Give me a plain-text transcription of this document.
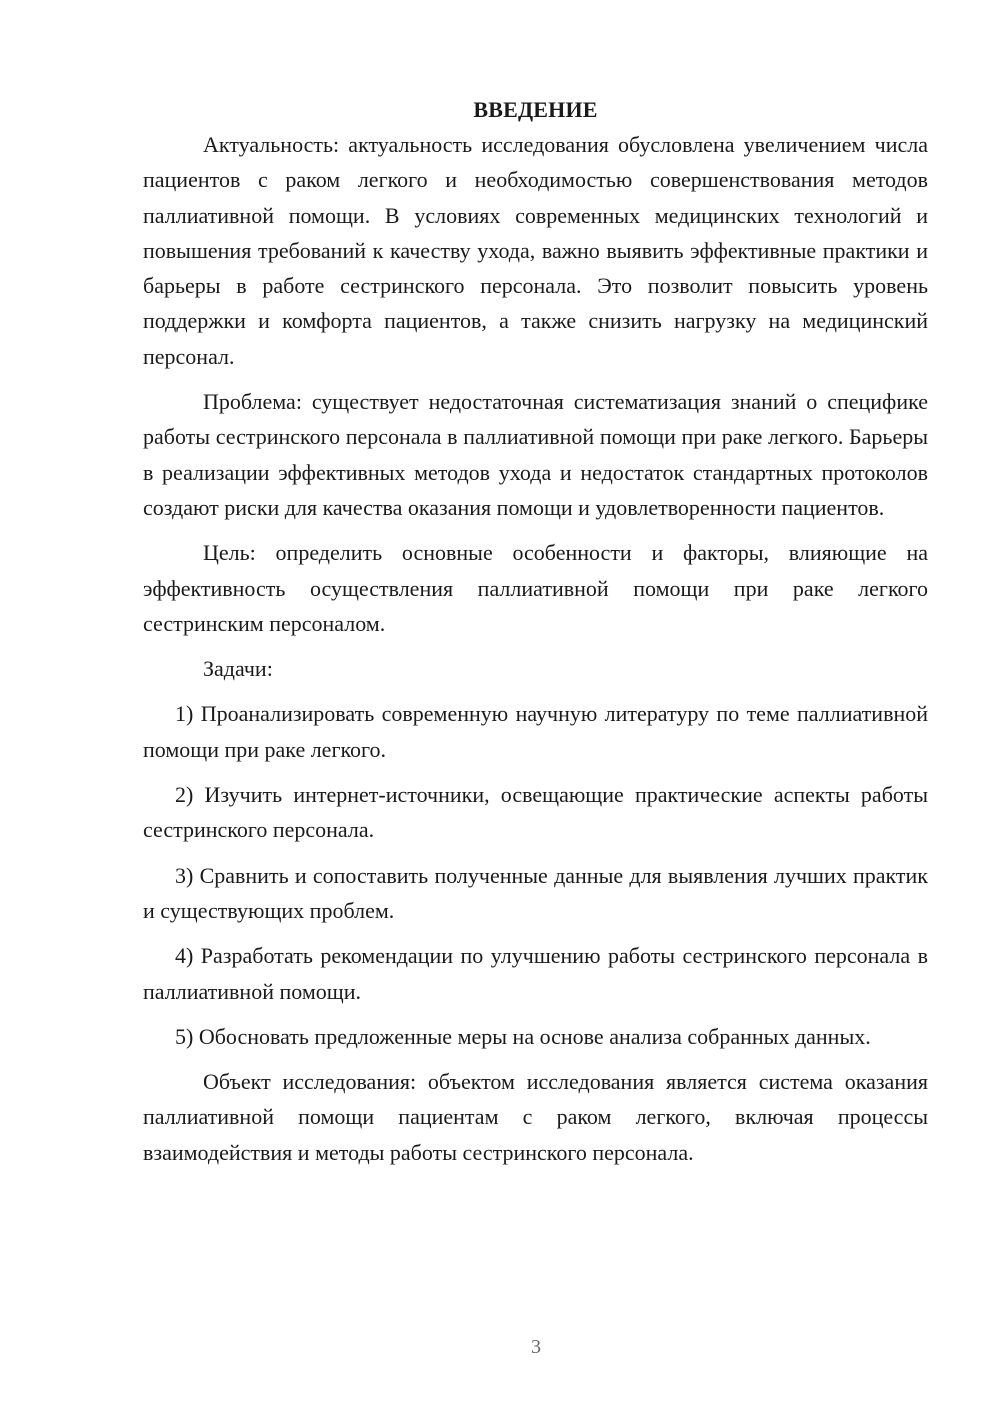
ВВЕДЕНИЕ

Актуальность: актуальность исследования обусловлена увеличением числа пациентов с раком легкого и необходимостью совершенствования методов паллиативной помощи. В условиях современных медицинских технологий и повышения требований к качеству ухода, важно выявить эффективные практики и барьеры в работе сестринского персонала. Это позволит повысить уровень поддержки и комфорта пациентов, а также снизить нагрузку на медицинский персонал.

Проблема: существует недостаточная систематизация знаний о специфике работы сестринского персонала в паллиативной помощи при раке легкого. Барьеры в реализации эффективных методов ухода и недостаток стандартных протоколов создают риски для качества оказания помощи и удовлетворенности пациентов.

Цель: определить основные особенности и факторы, влияющие на эффективность осуществления паллиативной помощи при раке легкого сестринским персоналом.

Задачи:

1) Проанализировать современную научную литературу по теме паллиативной помощи при раке легкого.

2) Изучить интернет-источники, освещающие практические аспекты работы сестринского персонала.

3) Сравнить и сопоставить полученные данные для выявления лучших практик и существующих проблем.

4) Разработать рекомендации по улучшению работы сестринского персонала в паллиативной помощи.

5) Обосновать предложенные меры на основе анализа собранных данных.

Объект исследования: объектом исследования является система оказания паллиативной помощи пациентам с раком легкого, включая процессы взаимодействия и методы работы сестринского персонала.

3
